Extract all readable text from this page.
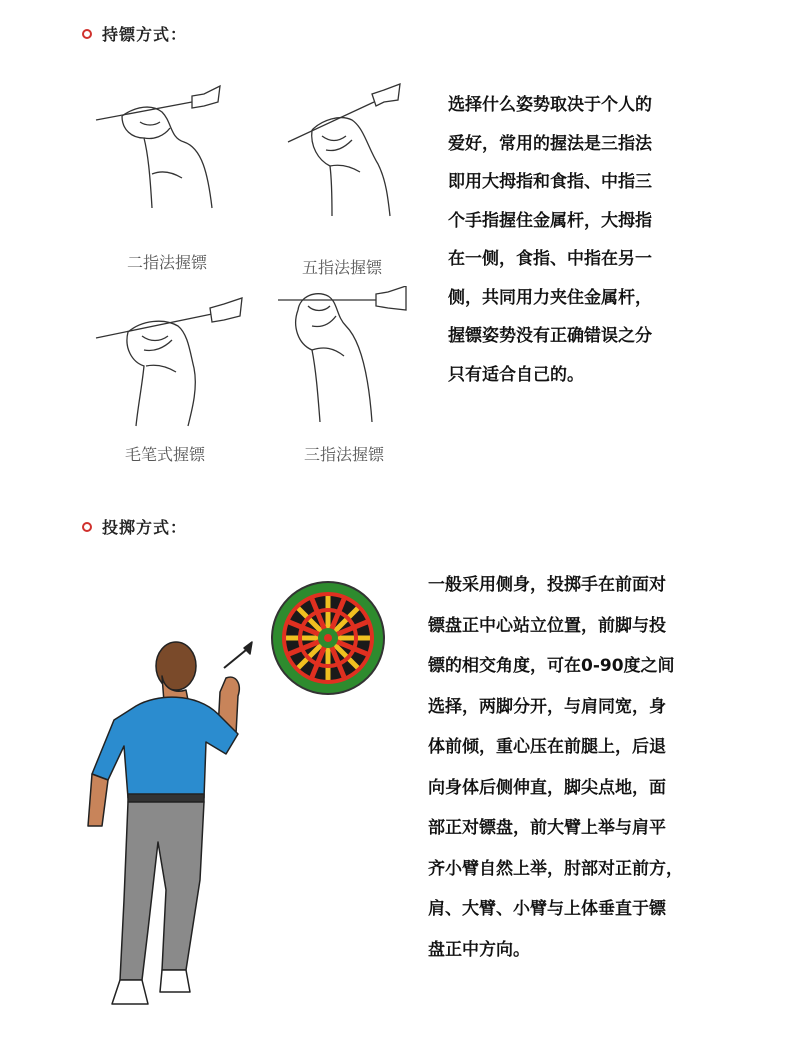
持镖方式：
二指法握镖	五指法握镖
毛笔式握镖	三指法握镖
选择什么姿势取决于个人的
爱好，常用的握法是三指法
即用大拇指和食指、中指三
个手指握住金属杆，大拇指
在一侧，食指、中指在另一
侧，共同用力夹住金属杆，
握镖姿势没有正确错误之分
只有适合自己的。
投掷方式：
一般采用侧身，投掷手在前面对
镖盘正中心站立位置，前脚与投
镖的相交角度，可在0-90度之间
选择，两脚分开，与肩同宽，身
体前倾，重心压在前腿上，后退
向身体后侧伸直，脚尖点地，面
部正对镖盘，前大臂上举与肩平
齐小臂自然上举，肘部对正前方，
肩、大臂、小臂与上体垂直于镖
盘正中方向。
